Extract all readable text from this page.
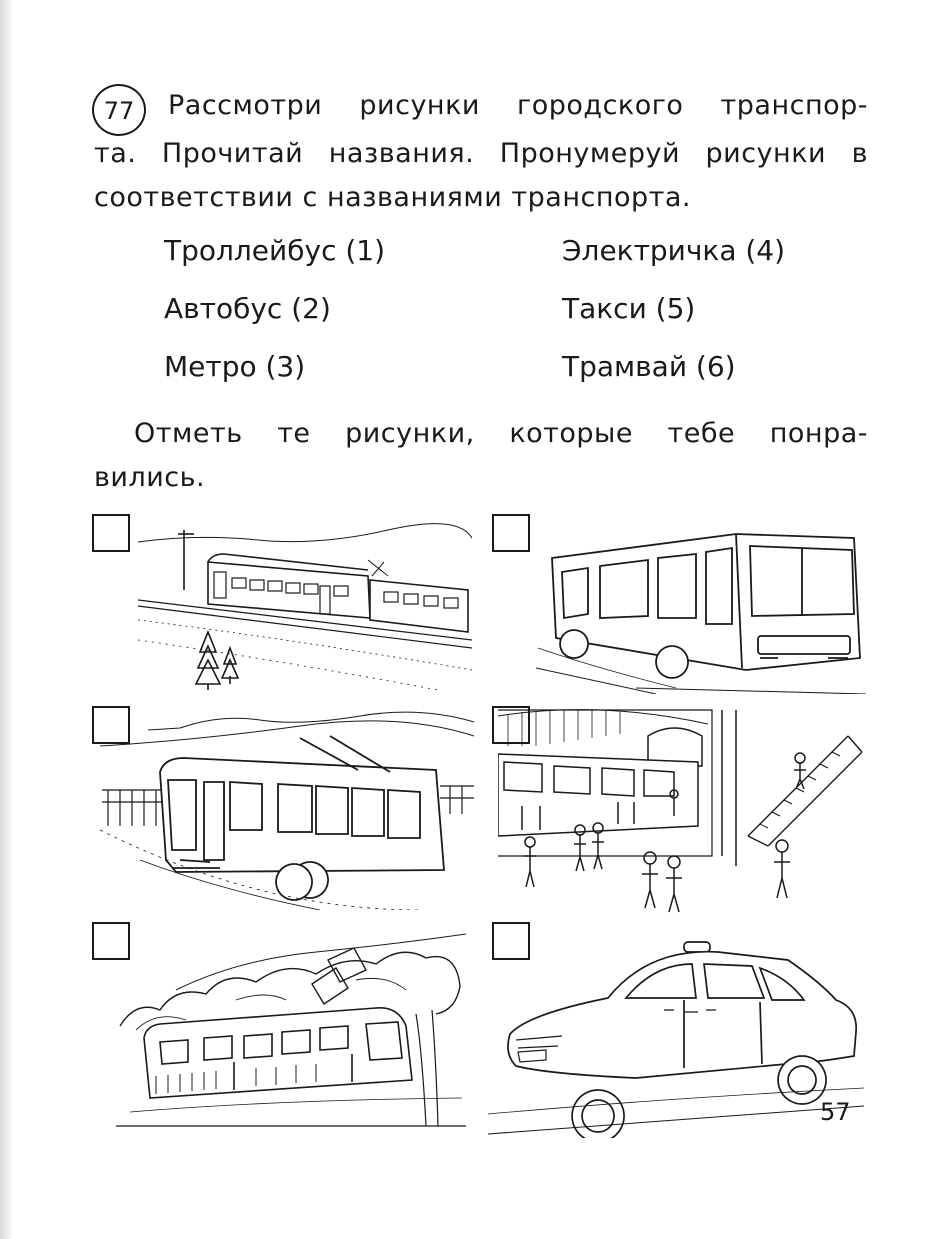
77	Рассмотри рисунки городского транспор-
та. Прочитай названия. Пронумеруй рисунки в
соответствии с названиями транспорта.
Троллейбус (1)
Автобус (2)
Метро (3)
Электричка (4)
Такси (5)
Трамвай (6)
Отметь те рисунки, которые тебе понра-
вились.
57
